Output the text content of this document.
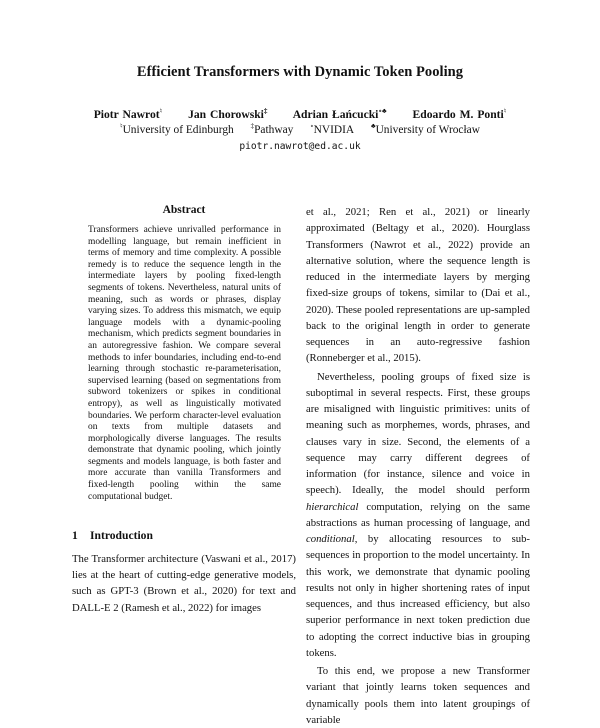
Efficient Transformers with Dynamic Token Pooling
Piotr Nawrot♮ Jan Chorowski‡ Adrian Łańcucki∘♣ Edoardo M. Ponti♮
♮University of Edinburgh ‡Pathway ∘NVIDIA ♣University of Wrocław
piotr.nawrot@ed.ac.uk
Abstract

Transformers achieve unrivalled performance in modelling language, but remain inefficient in terms of memory and time complexity. A possible remedy is to reduce the sequence length in the intermediate layers by pooling fixed-length segments of tokens. Nevertheless, natural units of meaning, such as words or phrases, display varying sizes. To address this mismatch, we equip language models with a dynamic-pooling mechanism, which predicts segment boundaries in an autoregressive fashion. We compare several methods to infer boundaries, including end-to-end learning through stochastic re-parameterisation, supervised learning (based on segmentations from subword tokenizers or spikes in conditional entropy), as well as linguistically motivated boundaries. We perform character-level evaluation on texts from multiple datasets and morphologically diverse languages. The results demonstrate that dynamic pooling, which jointly segments and models language, is both faster and more accurate than vanilla Transformers and fixed-length pooling within the same computational budget.

1 Introduction

The Transformer architecture (Vaswani et al., 2017) lies at the heart of cutting-edge generative models, such as GPT-3 (Brown et al., 2020) for text and DALL-E 2 (Ramesh et al., 2022) for images

et al., 2021; Ren et al., 2021) or linearly approximated (Beltagy et al., 2020). Hourglass Transformers (Nawrot et al., 2022) provide an alternative solution, where the sequence length is reduced in the intermediate layers by merging fixed-size groups of tokens, similar to (Dai et al., 2020). These pooled representations are up-sampled back to the original length in order to generate sequences in an auto-regressive fashion (Ronneberger et al., 2015).

Nevertheless, pooling groups of fixed size is suboptimal in several respects. First, these groups are misaligned with linguistic primitives: units of meaning such as morphemes, words, phrases, and clauses vary in size. Second, the elements of a sequence may carry different degrees of information (for instance, silence and voice in speech). Ideally, the model should perform hierarchical computation, relying on the same abstractions as human processing of language, and conditional, by allocating resources to sub-sequences in proportion to the model uncertainty. In this work, we demonstrate that dynamic pooling results not only in higher shortening rates of input sequences, and thus increased efficiency, but also superior performance in next token prediction due to adopting the correct inductive bias in grouping tokens.

To this end, we propose a new Transformer variant that jointly learns token sequences and dynamically pools them into latent groupings of variable
